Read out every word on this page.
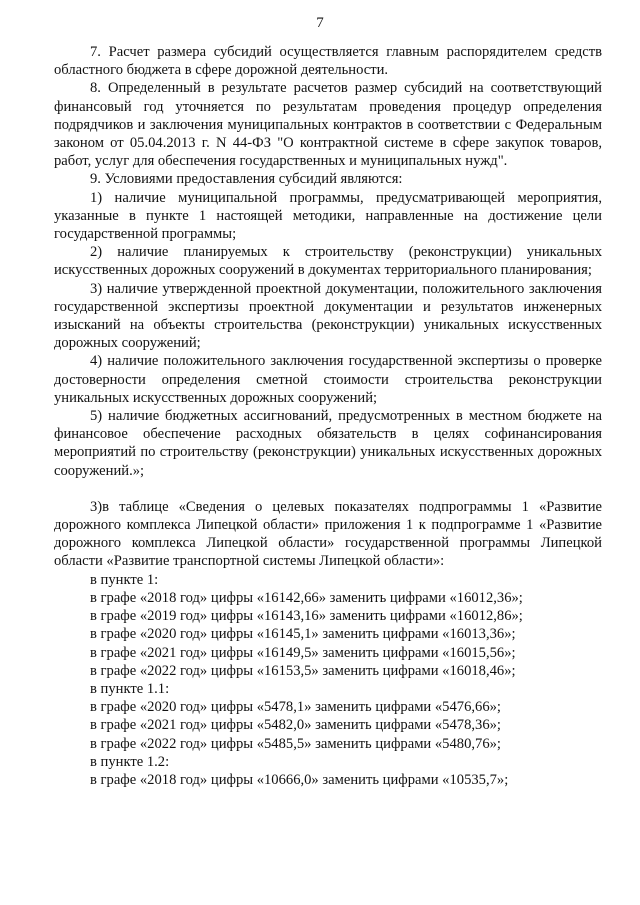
7

7. Расчет размера субсидий осуществляется главным распорядителем средств областного бюджета в сфере дорожной деятельности.

8. Определенный в результате расчетов размер субсидий на соответствующий финансовый год уточняется по результатам проведения процедур определения подрядчиков и заключения муниципальных контрактов в соответствии с Федеральным законом от 05.04.2013 г. N 44-ФЗ "О контрактной системе в сфере закупок товаров, работ, услуг для обеспечения государственных и муниципальных нужд".

9. Условиями предоставления субсидий являются:

1) наличие муниципальной программы, предусматривающей мероприятия, указанные в пункте 1 настоящей методики, направленные на достижение цели государственной программы;

2) наличие планируемых к строительству (реконструкции) уникальных искусственных дорожных сооружений в документах территориального планирования;

3) наличие утвержденной проектной документации, положительного заключения государственной экспертизы проектной документации и результатов инженерных изысканий на объекты строительства (реконструкции) уникальных искусственных дорожных сооружений;

4) наличие положительного заключения государственной экспертизы о проверке достоверности определения сметной стоимости строительства реконструкции уникальных искусственных дорожных сооружений;

5) наличие бюджетных ассигнований, предусмотренных в местном бюджете на финансовое обеспечение расходных обязательств в целях софинансирования мероприятий по строительству (реконструкции) уникальных искусственных дорожных сооружений.»;

3)в таблице «Сведения о целевых показателях подпрограммы 1 «Развитие дорожного комплекса Липецкой области» приложения 1 к подпрограмме 1 «Развитие дорожного комплекса Липецкой области» государственной программы Липецкой области «Развитие транспортной системы Липецкой области»:

в пункте 1:
в графе «2018 год» цифры «16142,66» заменить цифрами «16012,36»;
в графе «2019 год» цифры «16143,16» заменить цифрами «16012,86»;
в графе «2020 год» цифры «16145,1» заменить цифрами «16013,36»;
в графе «2021 год» цифры «16149,5» заменить цифрами «16015,56»;
в графе «2022 год» цифры «16153,5» заменить цифрами «16018,46»;
в пункте 1.1:
в графе «2020 год» цифры «5478,1» заменить цифрами «5476,66»;
в графе «2021 год» цифры «5482,0» заменить цифрами «5478,36»;
в графе «2022 год» цифры «5485,5» заменить цифрами «5480,76»;
в пункте 1.2:
в графе «2018 год» цифры «10666,0» заменить цифрами «10535,7»;
